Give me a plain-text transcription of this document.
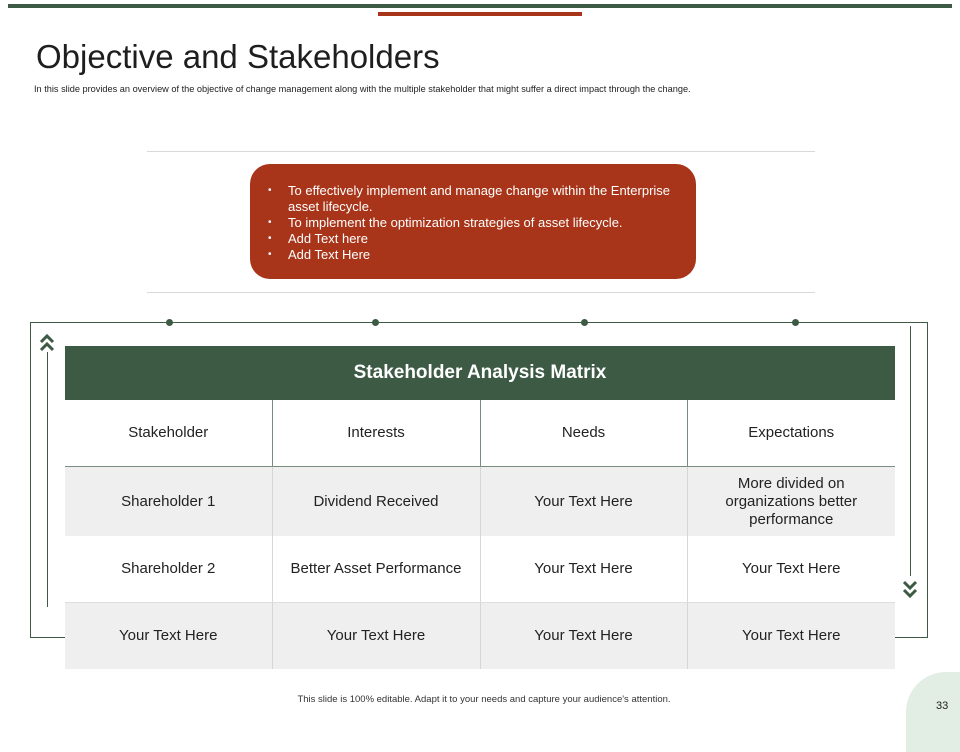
Objective and Stakeholders
In this slide provides an overview of the objective of change management along with the multiple stakeholder that might suffer a direct impact through the change.
• To effectively implement and manage change within the Enterprise asset lifecycle.
• To implement the optimization strategies of asset lifecycle.
• Add Text here
• Add Text Here
Stakeholder Analysis Matrix
Stakeholder	Interests	Needs	Expectations
Shareholder 1	Dividend Received	Your Text Here	More divided on organizations better performance
Shareholder 2	Better Asset Performance	Your Text Here	Your Text Here
Your Text Here	Your Text Here	Your Text Here	Your Text Here
This slide is 100% editable. Adapt it to your needs and capture your audience's attention.
33
